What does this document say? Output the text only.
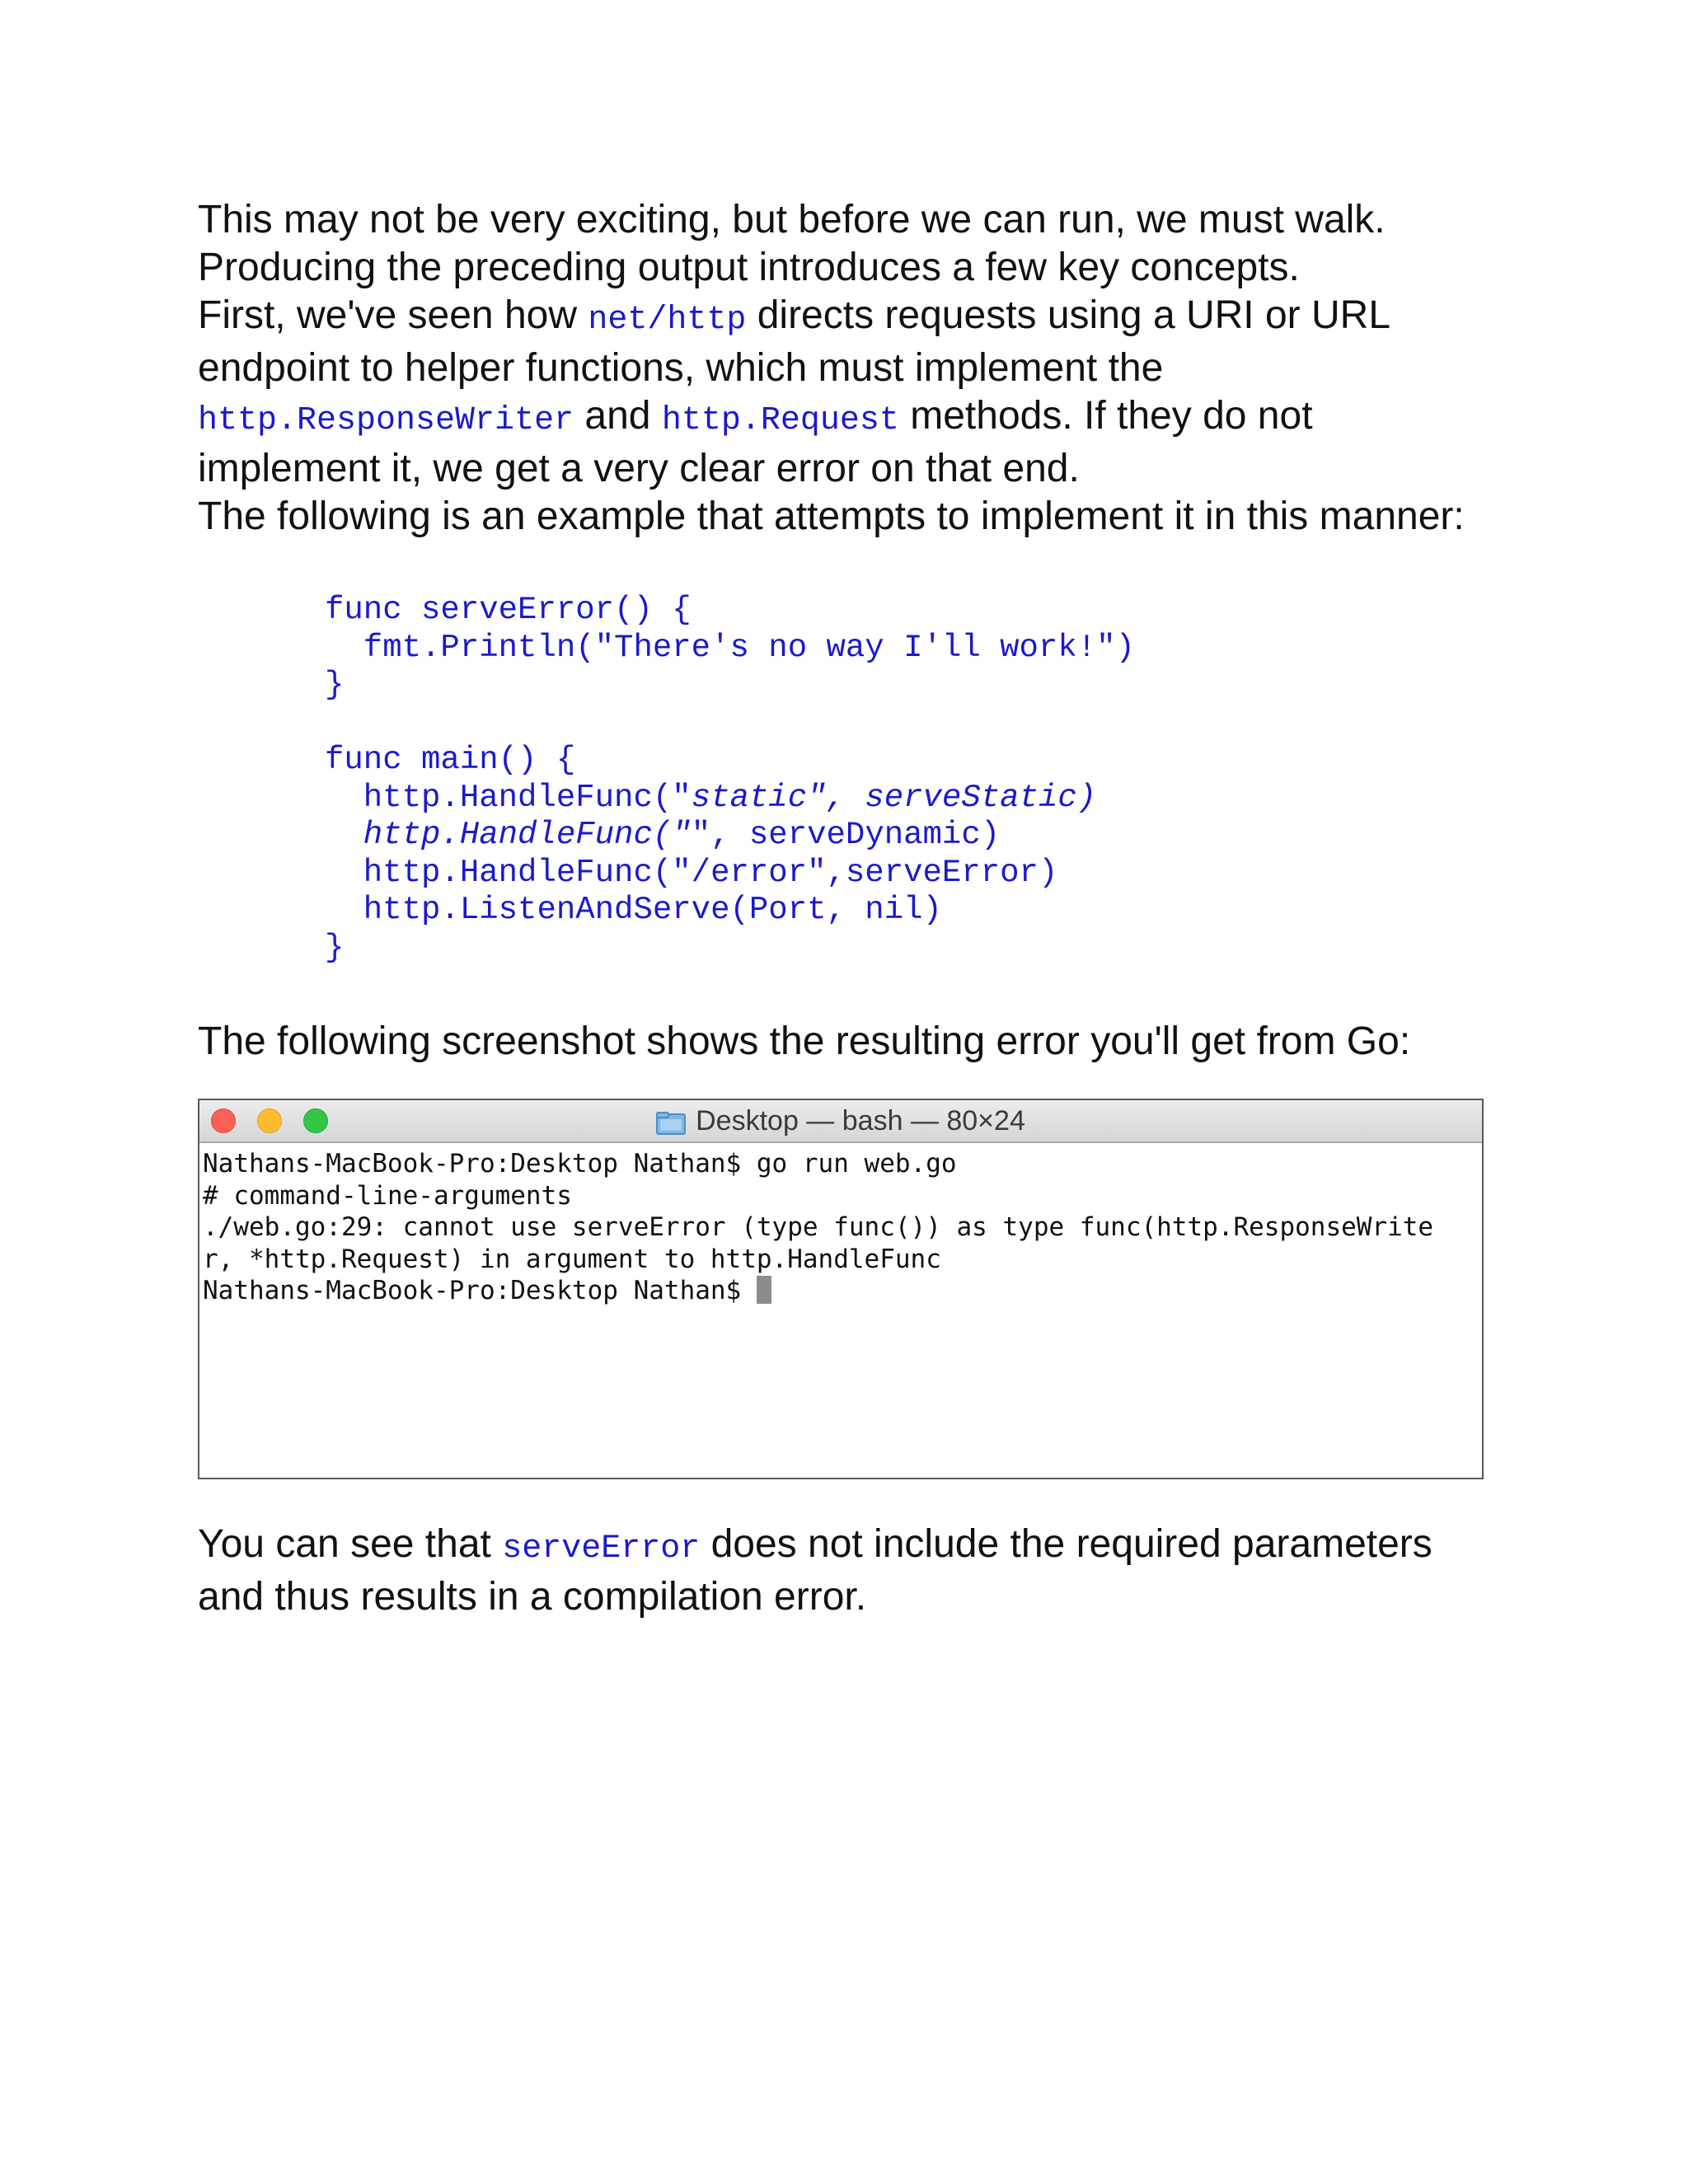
This may not be very exciting, but before we can run, we must walk. Producing the preceding output introduces a few key concepts.

First, we've seen how net/http directs requests using a URI or URL endpoint to helper functions, which must implement the http.ResponseWriter and http.Request methods. If they do not implement it, we get a very clear error on that end.

The following is an example that attempts to implement it in this manner:

func serveError() {
fmt.Println("There's no way I'll work!")
}
func main() {
http.HandleFunc("static", serveStatic)
http.HandleFunc("", serveDynamic)
http.HandleFunc("/error",serveError)
http.ListenAndServe(Port, nil)
}

The following screenshot shows the resulting error you'll get from Go:

Desktop — bash — 80×24
Nathans-MacBook-Pro:Desktop Nathan$ go run web.go
# command-line-arguments
./web.go:29: cannot use serveError (type func()) as type func(http.ResponseWrite
r, *http.Request) in argument to http.HandleFunc
Nathans-MacBook-Pro:Desktop Nathan$

You can see that serveError does not include the required parameters and thus results in a compilation error.
